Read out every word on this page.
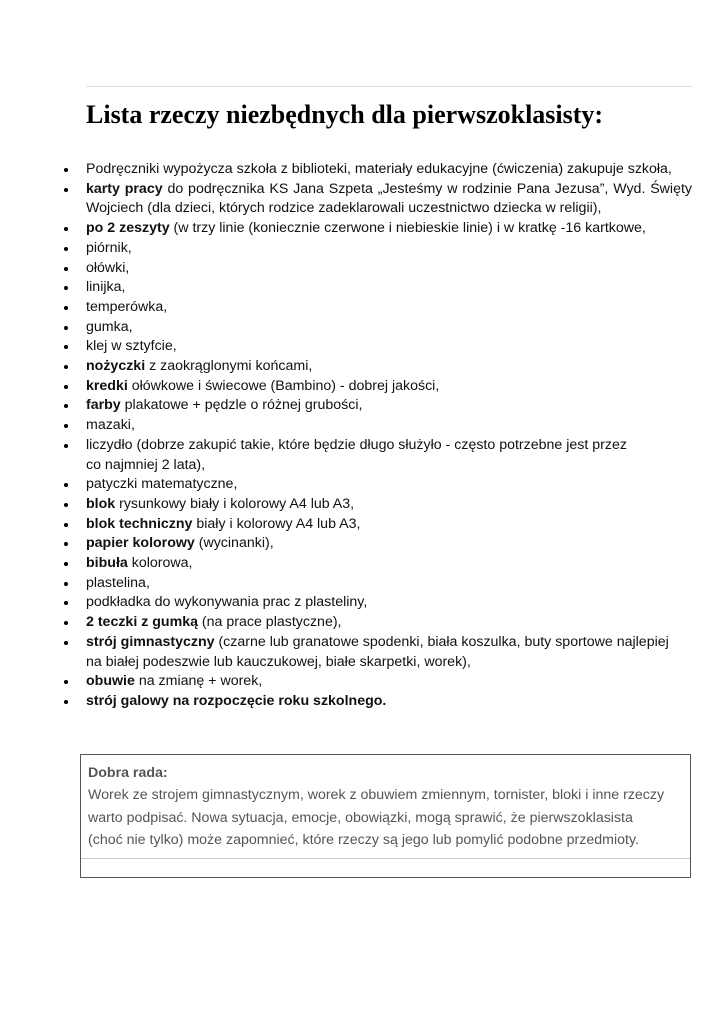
Lista rzeczy niezbędnych dla pierwszoklasisty:
Podręczniki wypożycza szkoła z biblioteki, materiały edukacyjne (ćwiczenia) zakupuje szkoła,
karty pracy do podręcznika KS Jana Szpeta „Jesteśmy w rodzinie Pana Jezusa”, Wyd. Święty Wojciech (dla dzieci, których rodzice zadeklarowali uczestnictwo dziecka w religii),
po 2 zeszyty (w trzy linie (koniecznie czerwone i niebieskie linie) i w kratkę -16 kartkowe,
piórnik,
ołówki,
linijka,
temperówka,
gumka,
klej w sztyfcie,
nożyczki z zaokrąglonymi końcami,
kredki ołówkowe i świecowe (Bambino) - dobrej jakości,
farby plakatowe + pędzle o różnej grubości,
mazaki,
liczydło (dobrze zakupić takie, które będzie długo służyło - często potrzebne jest przez
co najmniej 2 lata),
patyczki matematyczne,
blok rysunkowy biały i kolorowy A4 lub A3,
blok techniczny biały i kolorowy A4 lub A3,
papier kolorowy (wycinanki),
bibuła kolorowa,
plastelina,
podkładka do wykonywania prac z plasteliny,
2 teczki z gumką (na prace plastyczne),
strój gimnastyczny (czarne lub granatowe spodenki, biała koszulka, buty sportowe najlepiej
na białej podeszwie lub kauczukowej, białe skarpetki, worek),
obuwie na zmianę + worek,
strój galowy na rozpoczęcie roku szkolnego.
Dobra rada:
Worek ze strojem gimnastycznym, worek z obuwiem zmiennym, tornister, bloki i inne rzeczy
warto podpisać. Nowa sytuacja, emocje, obowiązki, mogą sprawić, że pierwszoklasista
(choć nie tylko) może zapomnieć, które rzeczy są jego lub pomylić podobne przedmioty.
